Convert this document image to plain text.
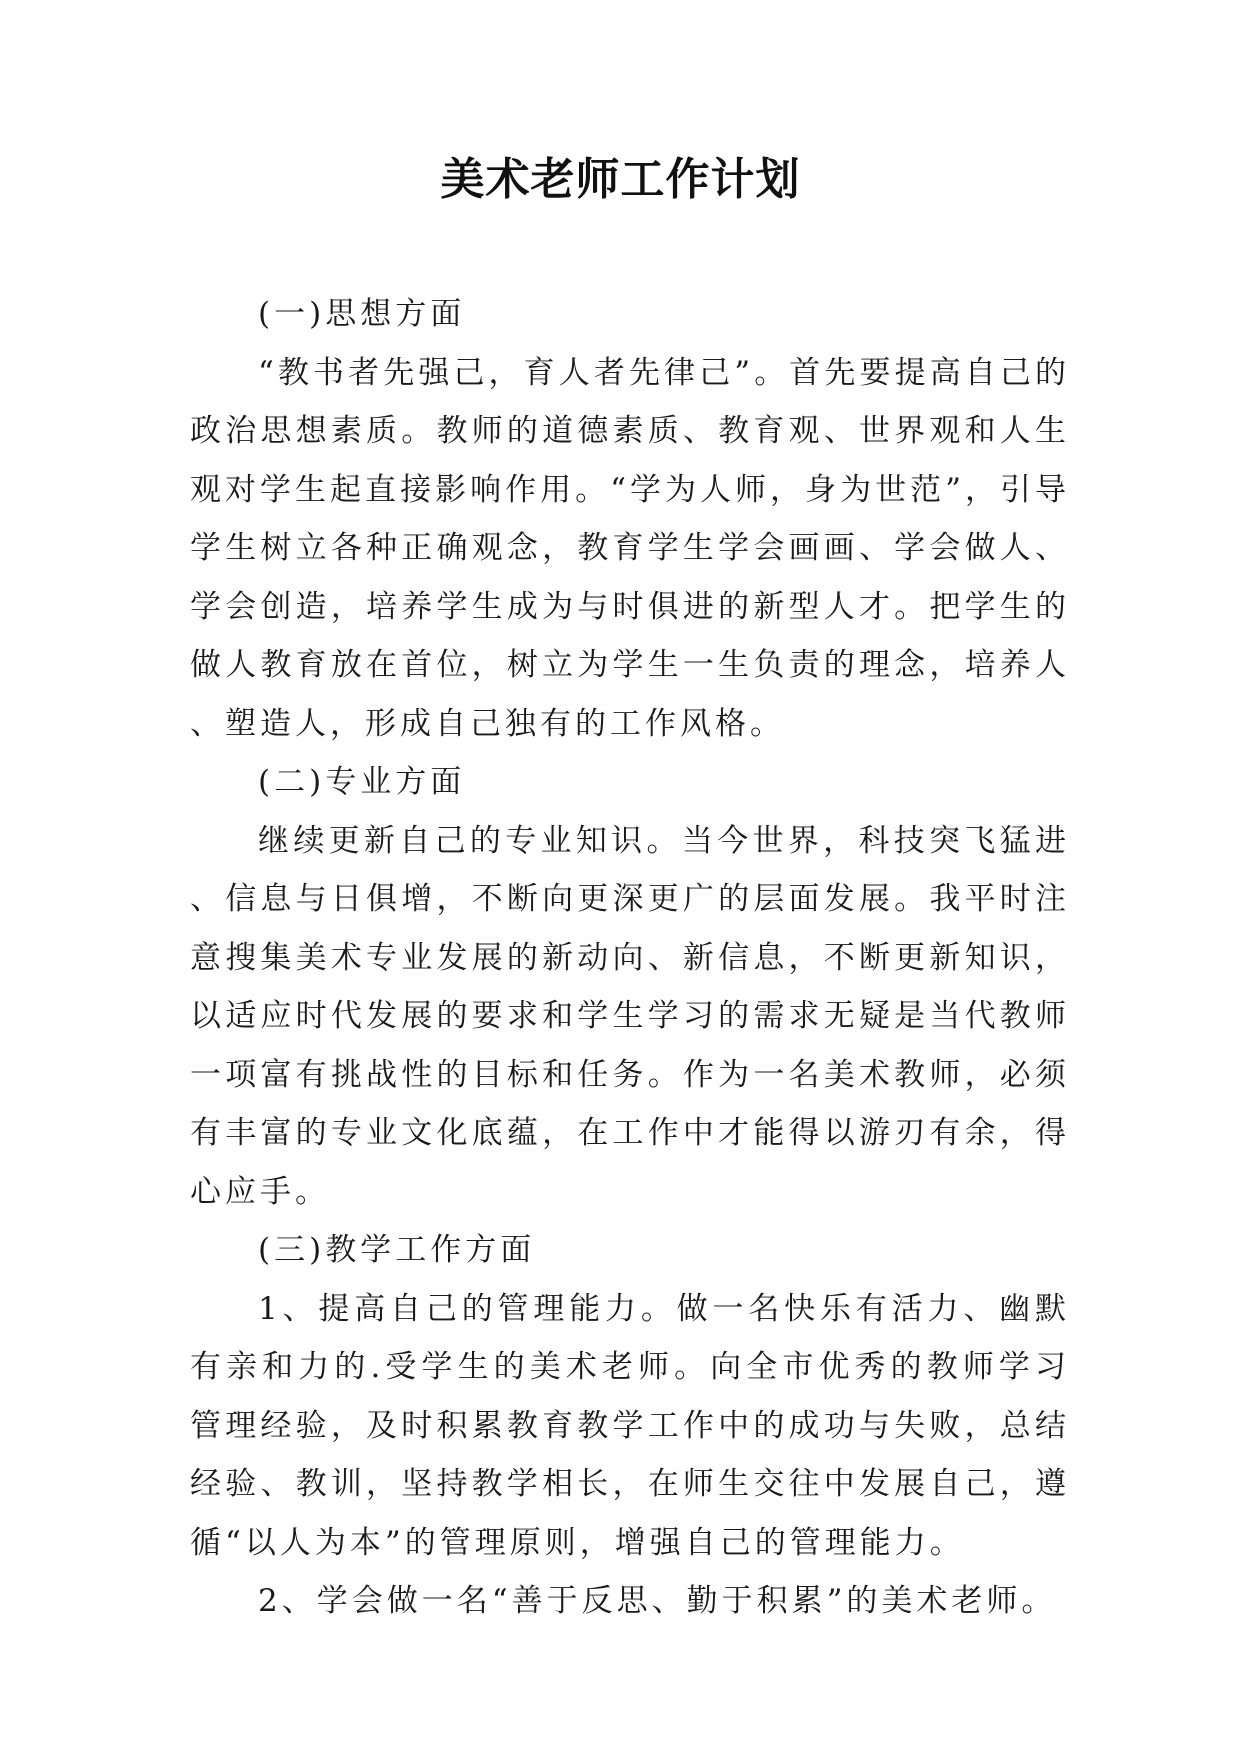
美术老师工作计划

(一)思想方面

“教书者先强己，育人者先律己”。首先要提高自己的政治思想素质。教师的道德素质、教育观、世界观和人生观对学生起直接影响作用。“学为人师，身为世范”，引导学生树立各种正确观念，教育学生学会画画、学会做人、学会创造，培养学生成为与时俱进的新型人才。把学生的做人教育放在首位，树立为学生一生负责的理念，培养人、塑造人，形成自己独有的工作风格。

(二)专业方面

继续更新自己的专业知识。当今世界，科技突飞猛进、信息与日俱增，不断向更深更广的层面发展。我平时注意搜集美术专业发展的新动向、新信息，不断更新知识，以适应时代发展的要求和学生学习的需求无疑是当代教师一项富有挑战性的目标和任务。作为一名美术教师，必须有丰富的专业文化底蕴，在工作中才能得以游刃有余，得心应手。

(三)教学工作方面

1、提高自己的管理能力。做一名快乐有活力、幽默有亲和力的.受学生的美术老师。向全市优秀的教师学习管理经验，及时积累教育教学工作中的成功与失败，总结经验、教训，坚持教学相长，在师生交往中发展自己，遵循“以人为本”的管理原则，增强自己的管理能力。

2、学会做一名“善于反思、勤于积累”的美术老师。
